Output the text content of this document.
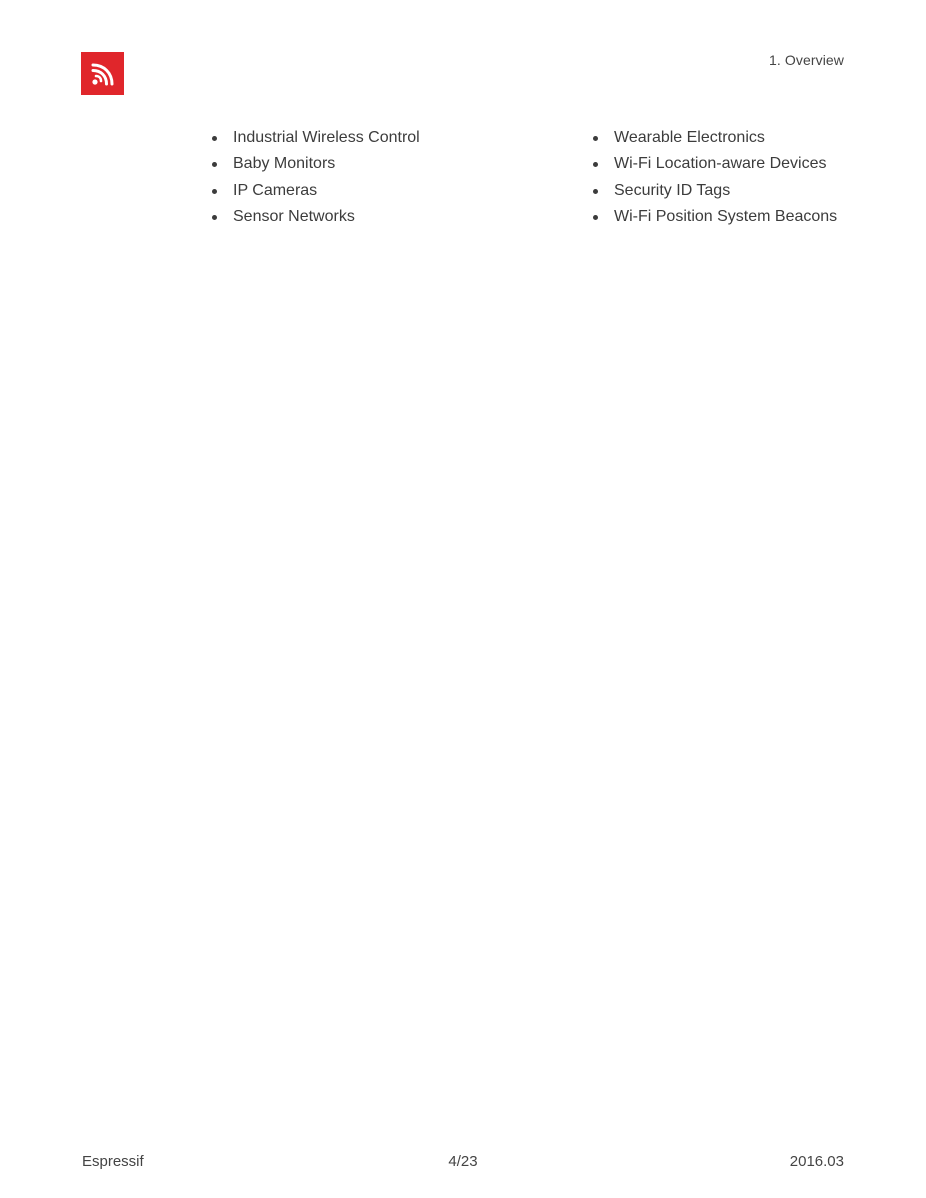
1. Overview
Industrial Wireless Control
Baby Monitors
IP Cameras
Sensor Networks
Wearable Electronics
Wi-Fi Location-aware Devices
Security ID Tags
Wi-Fi Position System Beacons
Espressif	4/23	2016.03
